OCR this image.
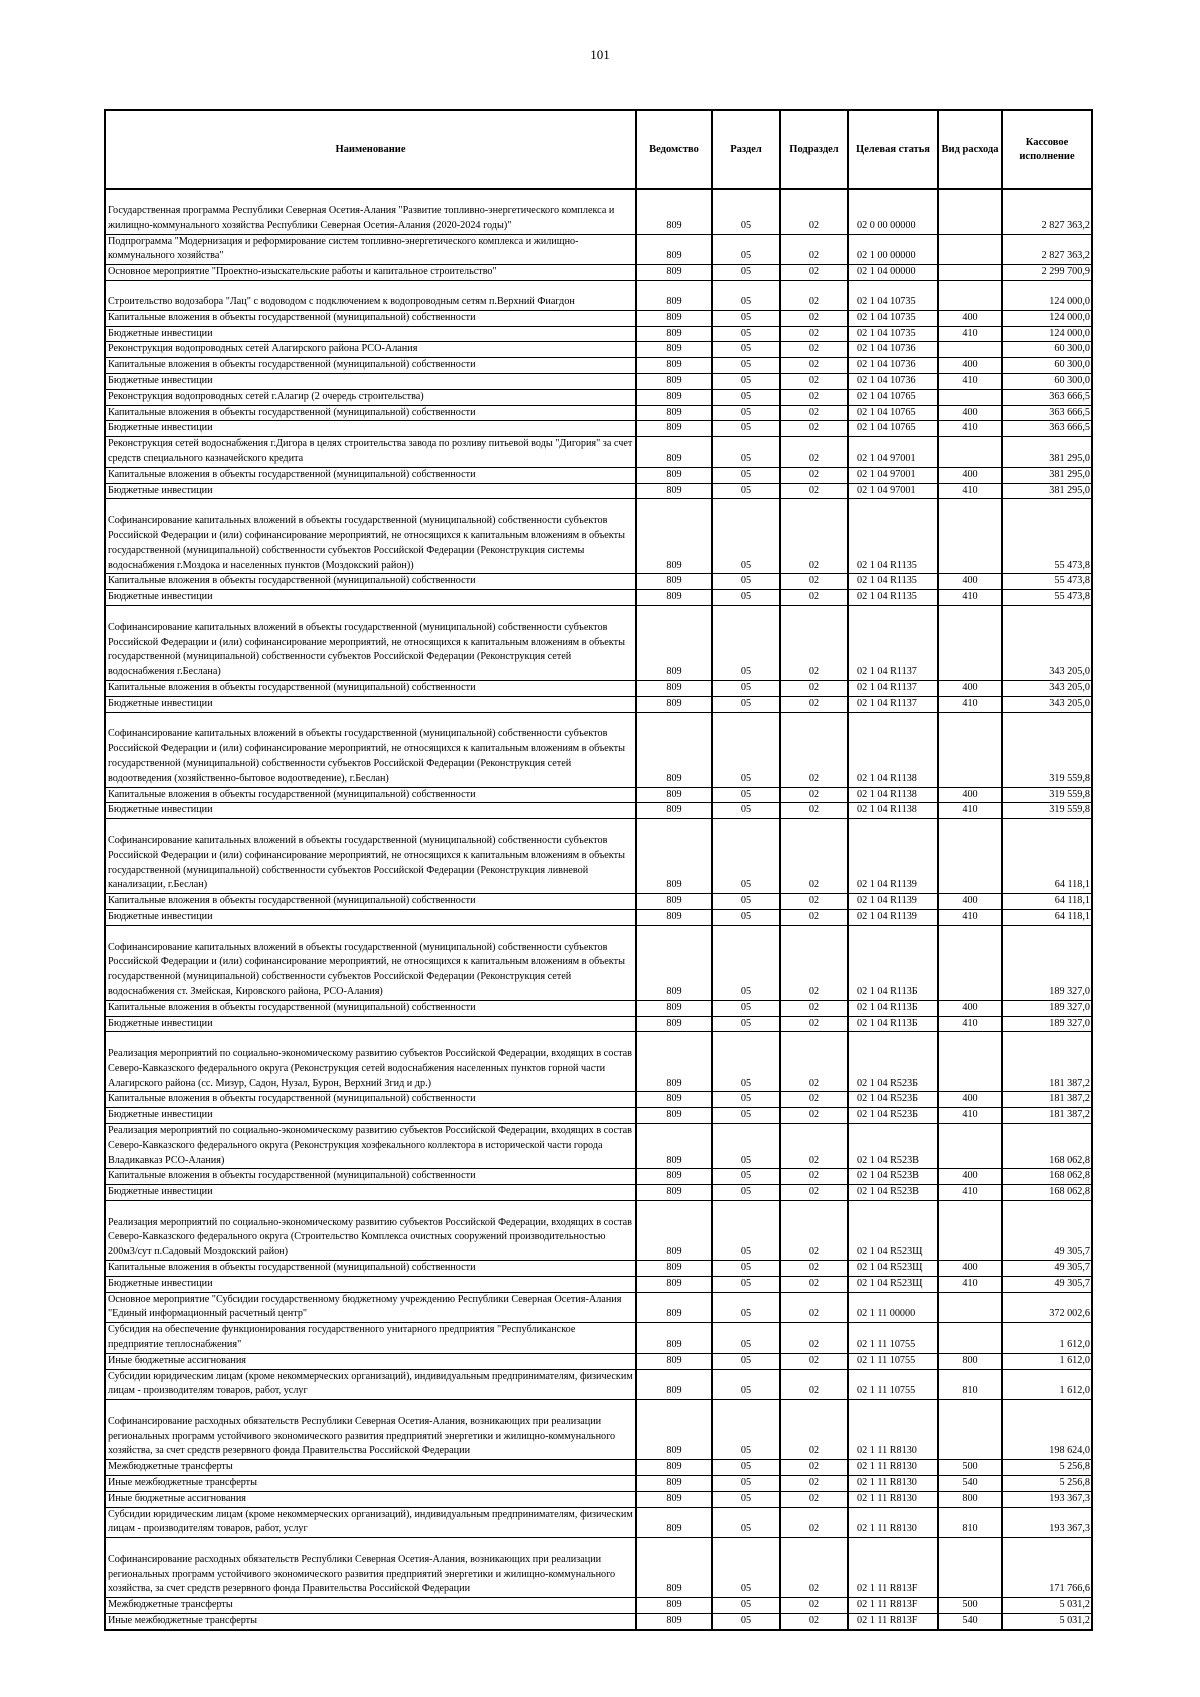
101
Наименование	Ведомство	Раздел	Подраздел	Целевая статья	Вид расхода	Кассовое исполнение
Государственная программа Республики Северная Осетия-Алания "Развитие топливно-энергетического комплекса и жилищно-коммунального хозяйства Республики Северная Осетия-Алания (2020-2024 годы)"	809	05	02	02 0 00 00000		2 827 363,2
Подпрограмма "Модернизация и реформирование систем топливно-энергетического комплекса и жилищно-коммунального хозяйства"	809	05	02	02 1 00 00000		2 827 363,2
Основное мероприятие "Проектно-изыскательские работы и капитальное строительство"	809	05	02	02 1 04 00000		2 299 700,9
Строительство водозабора "Лац" с водоводом с подключением к водопроводным сетям п.Верхний Фиагдон	809	05	02	02 1 04 10735		124 000,0
Капитальные вложения в объекты государственной (муниципальной) собственности	809	05	02	02 1 04 10735	400	124 000,0
Бюджетные инвестиции	809	05	02	02 1 04 10735	410	124 000,0
Реконструкция водопроводных сетей Алагирского района РСО-Алания	809	05	02	02 1 04 10736		60 300,0
Капитальные вложения в объекты государственной (муниципальной) собственности	809	05	02	02 1 04 10736	400	60 300,0
Бюджетные инвестиции	809	05	02	02 1 04 10736	410	60 300,0
Реконструкция водопроводных сетей г.Алагир (2 очередь строительства)	809	05	02	02 1 04 10765		363 666,5
Капитальные вложения в объекты государственной (муниципальной) собственности	809	05	02	02 1 04 10765	400	363 666,5
Бюджетные инвестиции	809	05	02	02 1 04 10765	410	363 666,5
Реконструкция сетей водоснабжения г.Дигора в целях строительства завода по розливу питьевой воды "Дигория" за счет средств специального казначейского кредита	809	05	02	02 1 04 97001		381 295,0
Капитальные вложения в объекты государственной (муниципальной) собственности	809	05	02	02 1 04 97001	400	381 295,0
Бюджетные инвестиции	809	05	02	02 1 04 97001	410	381 295,0
Софинансирование капитальных вложений в объекты государственной (муниципальной) собственности субъектов Российской Федерации и (или) софинансирование мероприятий, не относящихся к капитальным вложениям в объекты государственной (муниципальной) собственности субъектов Российской Федерации (Реконструкция системы водоснабжения г.Моздока и населенных пунктов (Моздокский район))	809	05	02	02 1 04 R1135		55 473,8
Капитальные вложения в объекты государственной (муниципальной) собственности	809	05	02	02 1 04 R1135	400	55 473,8
Бюджетные инвестиции	809	05	02	02 1 04 R1135	410	55 473,8
Софинансирование капитальных вложений в объекты государственной (муниципальной) собственности субъектов Российской Федерации и (или) софинансирование мероприятий, не относящихся к капитальным вложениям в объекты государственной (муниципальной) собственности субъектов Российской Федерации (Реконструкция сетей водоснабжения г.Беслана)	809	05	02	02 1 04 R1137		343 205,0
Капитальные вложения в объекты государственной (муниципальной) собственности	809	05	02	02 1 04 R1137	400	343 205,0
Бюджетные инвестиции	809	05	02	02 1 04 R1137	410	343 205,0
Софинансирование капитальных вложений в объекты государственной (муниципальной) собственности субъектов Российской Федерации и (или) софинансирование мероприятий, не относящихся к капитальным вложениям в объекты государственной (муниципальной) собственности субъектов Российской Федерации (Реконструкция сетей водоотведения (хозяйственно-бытовое водоотведение), г.Беслан)	809	05	02	02 1 04 R1138		319 559,8
Капитальные вложения в объекты государственной (муниципальной) собственности	809	05	02	02 1 04 R1138	400	319 559,8
Бюджетные инвестиции	809	05	02	02 1 04 R1138	410	319 559,8
Софинансирование капитальных вложений в объекты государственной (муниципальной) собственности субъектов Российской Федерации и (или) софинансирование мероприятий, не относящихся к капитальным вложениям в объекты государственной (муниципальной) собственности субъектов Российской Федерации (Реконструкция ливневой канализации, г.Беслан)	809	05	02	02 1 04 R1139		64 118,1
Капитальные вложения в объекты государственной (муниципальной) собственности	809	05	02	02 1 04 R1139	400	64 118,1
Бюджетные инвестиции	809	05	02	02 1 04 R1139	410	64 118,1
Софинансирование капитальных вложений в объекты государственной (муниципальной) собственности субъектов Российской Федерации и (или) софинансирование мероприятий, не относящихся к капитальным вложениям в объекты государственной (муниципальной) собственности субъектов Российской Федерации (Реконструкция сетей водоснабжения ст. Змейская, Кировского района, РСО-Алания)	809	05	02	02 1 04 R113Б		189 327,0
Капитальные вложения в объекты государственной (муниципальной) собственности	809	05	02	02 1 04 R113Б	400	189 327,0
Бюджетные инвестиции	809	05	02	02 1 04 R113Б	410	189 327,0
Реализация мероприятий по социально-экономическому развитию субъектов Российской Федерации, входящих в состав Северо-Кавказского федерального округа (Реконструкция сетей водоснабжения населенных пунктов горной части Алагирского района (сс. Мизур, Садон, Нузал, Бурон, Верхний Згид и др.)	809	05	02	02 1 04 R523Б		181 387,2
Капитальные вложения в объекты государственной (муниципальной) собственности	809	05	02	02 1 04 R523Б	400	181 387,2
Бюджетные инвестиции	809	05	02	02 1 04 R523Б	410	181 387,2
Реализация мероприятий по социально-экономическому развитию субъектов Российской Федерации, входящих в состав Северо-Кавказского федерального округа (Реконструкция хозфекального коллектора в исторической части города Владикавказ РСО-Алания)	809	05	02	02 1 04 R523В		168 062,8
Капитальные вложения в объекты государственной (муниципальной) собственности	809	05	02	02 1 04 R523В	400	168 062,8
Бюджетные инвестиции	809	05	02	02 1 04 R523В	410	168 062,8
Реализация мероприятий по социально-экономическому развитию субъектов Российской Федерации, входящих в состав Северо-Кавказского федерального округа (Строительство Комплекса очистных сооружений производительностью 200м3/сут п.Садовый Моздокский район)	809	05	02	02 1 04 R523Щ		49 305,7
Капитальные вложения в объекты государственной (муниципальной) собственности	809	05	02	02 1 04 R523Щ	400	49 305,7
Бюджетные инвестиции	809	05	02	02 1 04 R523Щ	410	49 305,7
Основное мероприятие "Субсидии государственному бюджетному учреждению Республики Северная Осетия-Алания "Единый информационный расчетный центр"	809	05	02	02 1 11 00000		372 002,6
Субсидия на обеспечение функционирования государственного унитарного предприятия "Республиканское предприятие теплоснабжения"	809	05	02	02 1 11 10755		1 612,0
Иные бюджетные ассигнования	809	05	02	02 1 11 10755	800	1 612,0
Субсидии юридическим лицам (кроме некоммерческих организаций), индивидуальным предпринимателям, физическим лицам - производителям товаров, работ, услуг	809	05	02	02 1 11 10755	810	1 612,0
Софинансирование расходных обязательств Республики Северная Осетия-Алания, возникающих при реализации региональных программ устойчивого экономического развития предприятий энергетики и жилищно-коммунального хозяйства, за счет средств резервного фонда Правительства Российской Федерации	809	05	02	02 1 11 R8130		198 624,0
Межбюджетные трансферты	809	05	02	02 1 11 R8130	500	5 256,8
Иные межбюджетные трансферты	809	05	02	02 1 11 R8130	540	5 256,8
Иные бюджетные ассигнования	809	05	02	02 1 11 R8130	800	193 367,3
Субсидии юридическим лицам (кроме некоммерческих организаций), индивидуальным предпринимателям, физическим лицам - производителям товаров, работ, услуг	809	05	02	02 1 11 R8130	810	193 367,3
Софинансирование расходных обязательств Республики Северная Осетия-Алания, возникающих при реализации региональных программ устойчивого экономического развития предприятий энергетики и жилищно-коммунального хозяйства, за счет средств резервного фонда Правительства Российской Федерации	809	05	02	02 1 11 R813F		171 766,6
Межбюджетные трансферты	809	05	02	02 1 11 R813F	500	5 031,2
Иные межбюджетные трансферты	809	05	02	02 1 11 R813F	540	5 031,2
